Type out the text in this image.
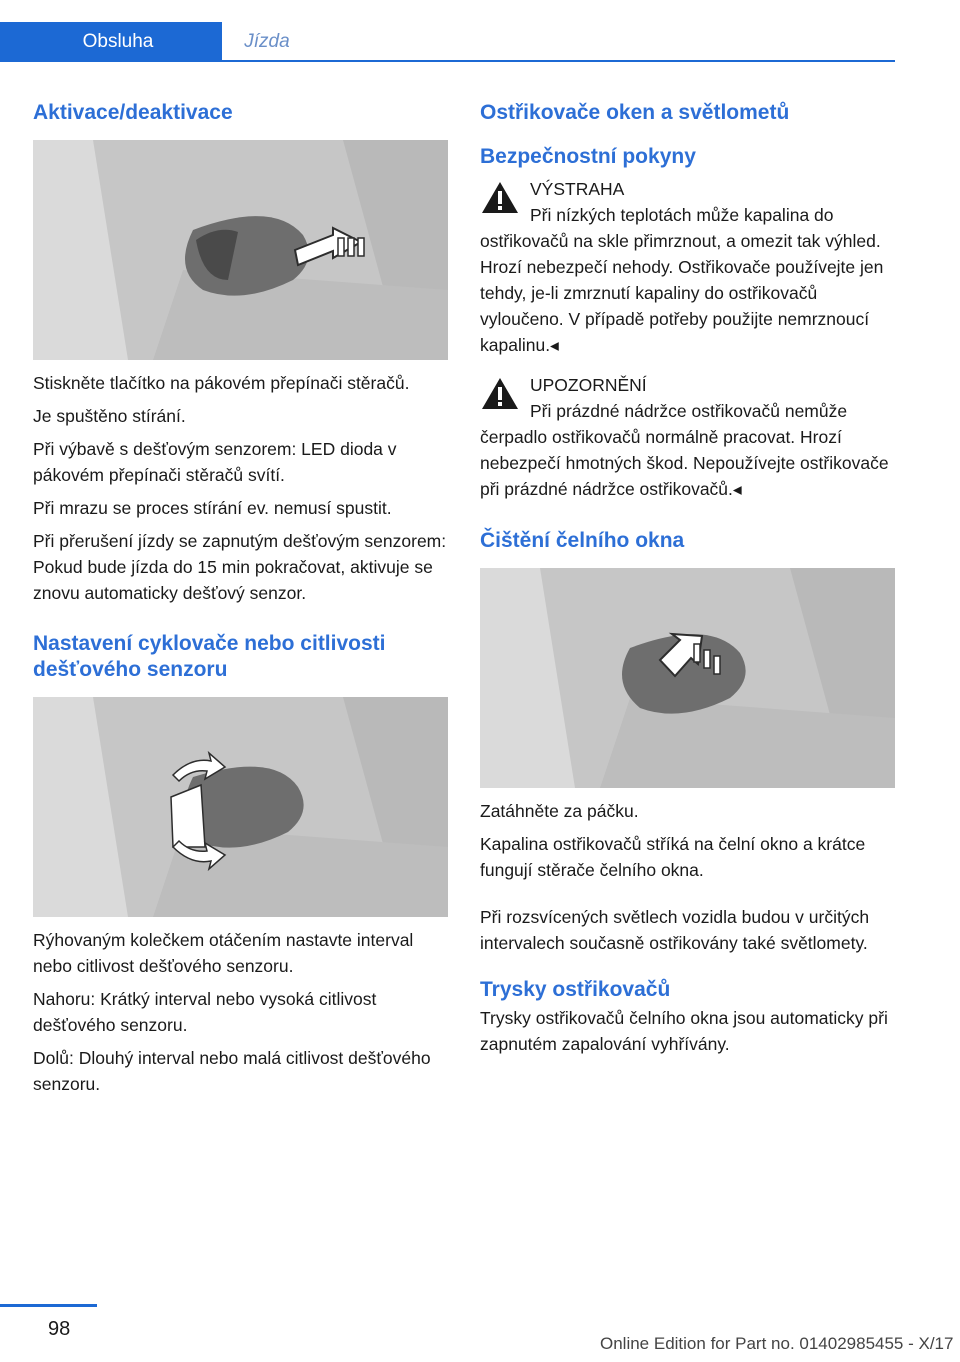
Obsluha	Jízda
Aktivace/deaktivace

Stiskněte tlačítko na pákovém přepínači stěračů.

Je spuštěno stírání.

Při výbavě s dešťovým senzorem: LED dioda v pákovém přepínači stěračů svítí.

Při mrazu se proces stírání ev. nemusí spustit.

Při přerušení jízdy se zapnutým dešťovým senzorem: Pokud bude jízda do 15 min pokračovat, aktivuje se znovu automaticky dešťový senzor.

Nastavení cyklovače nebo citlivosti dešťového senzoru

Rýhovaným kolečkem otáčením nastavte interval nebo citlivost dešťového senzoru.

Nahoru: Krátký interval nebo vysoká citlivost dešťového senzoru.

Dolů: Dlouhý interval nebo malá citlivost dešťového senzoru.

Ostřikovače oken a světlometů
Bezpečnostní pokyny
VÝSTRAHA

Při nízkých teplotách může kapalina do ostřikovačů na skle přimrznout, a omezit tak výhled. Hrozí nebezpečí nehody. Ostřikovače používejte jen tehdy, je-li zmrznutí kapaliny do ostřikovačů vyloučeno. V případě potřeby použijte nemrznoucí kapalinu.◂

UPOZORNĚNÍ

Při prázdné nádržce ostřikovačů nemůže čerpadlo ostřikovačů normálně pracovat. Hrozí nebezpečí hmotných škod. Nepoužívejte ostřikovače při prázdné nádržce ostřikovačů.◂

Čištění čelního okna

Zatáhněte za páčku.

Kapalina ostřikovačů stříká na čelní okno a krátce fungují stěrače čelního okna.

Při rozsvícených světlech vozidla budou v určitých intervalech současně ostřikovány také světlomety.

Trysky ostřikovačů

Trysky ostřikovačů čelního okna jsou automaticky při zapnutém zapalování vyhřívány.

98
Online Edition for Part no. 01402985455 - X/17
